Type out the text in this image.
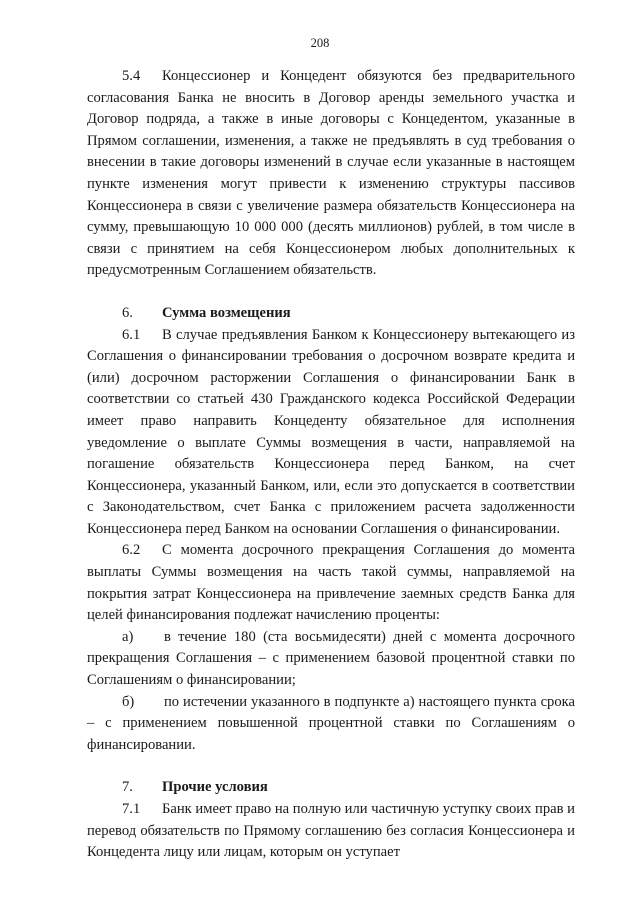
208

5.4 Концессионер и Концедент обязуются без предварительного согласования Банка не вносить в Договор аренды земельного участка и Договор подряда, а также в иные договоры с Концедентом, указанные в Прямом соглашении, изменения, а также не предъявлять в суд требования о внесении в такие договоры изменений в случае если указанные в настоящем пункте изменения могут привести к изменению структуры пассивов Концессионера в связи с увеличение размера обязательств Концессионера на сумму, превышающую 10 000 000 (десять миллионов) рублей, в том числе в связи с принятием на себя Концессионером любых дополнительных к предусмотренным Соглашением обязательств.

6. Сумма возмещения

6.1 В случае предъявления Банком к Концессионеру вытекающего из Соглашения о финансировании требования о досрочном возврате кредита и (или) досрочном расторжении Соглашения о финансировании Банк в соответствии со статьей 430 Гражданского кодекса Российской Федерации имеет право направить Концеденту обязательное для исполнения уведомление о выплате Суммы возмещения в части, направляемой на погашение обязательств Концессионера перед Банком, на счет Концессионера, указанный Банком, или, если это допускается в соответствии с Законодательством, счет Банка с приложением расчета задолженности Концессионера перед Банком на основании Соглашения о финансировании.

6.2 С момента досрочного прекращения Соглашения до момента выплаты Суммы возмещения на часть такой суммы, направляемой на покрытия затрат Концессионера на привлечение заемных средств Банка для целей финансирования подлежат начислению проценты:

а) в течение 180 (ста восьмидесяти) дней с момента досрочного прекращения Соглашения – с применением базовой процентной ставки по Соглашениям о финансировании;

б) по истечении указанного в подпункте а) настоящего пункта срока – с применением повышенной процентной ставки по Соглашениям о финансировании.

7. Прочие условия

7.1 Банк имеет право на полную или частичную уступку своих прав и перевод обязательств по Прямому соглашению без согласия Концессионера и Концедента лицу или лицам, которым он уступает
